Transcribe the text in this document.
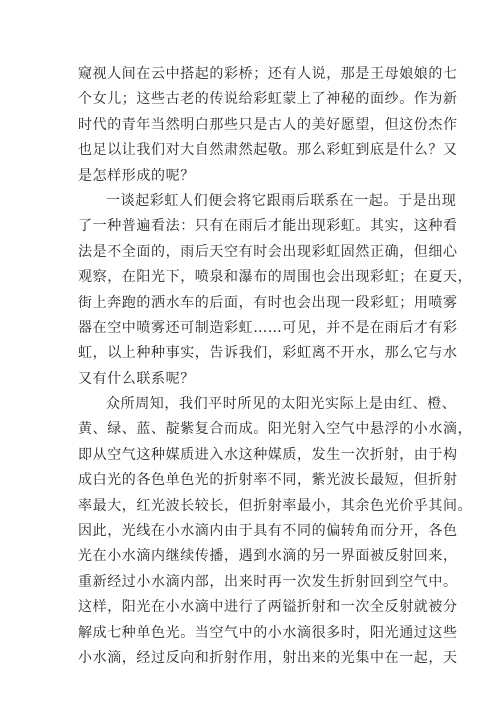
窥视人间在云中搭起的彩桥；还有人说，那是王母娘娘的七
个女儿；这些古老的传说给彩虹蒙上了神秘的面纱。作为新
时代的青年当然明白那些只是古人的美好愿望，但这份杰作
也足以让我们对大自然肃然起敬。那么彩虹到底是什么？又
是怎样形成的呢？
一谈起彩虹人们便会将它跟雨后联系在一起。于是出现
了一种普遍看法：只有在雨后才能出现彩虹。其实，这种看
法是不全面的，雨后天空有时会出现彩虹固然正确，但细心
观察，在阳光下，喷泉和瀑布的周围也会出现彩虹；在夏天，
街上奔跑的洒水车的后面，有时也会出现一段彩虹；用喷雾
器在空中喷雾还可制造彩虹……可见，并不是在雨后才有彩
虹，以上种种事实，告诉我们，彩虹离不开水，那么它与水
又有什么联系呢？
众所周知，我们平时所见的太阳光实际上是由红、橙、
黄、绿、蓝、靛紫复合而成。阳光射入空气中悬浮的小水滴，
即从空气这种媒质进入水这种媒质，发生一次折射，由于构
成白光的各色单色光的折射率不同，紫光波长最短，但折射
率最大，红光波长较长，但折射率最小，其余色光价乎其间。
因此，光线在小水滴内由于具有不同的偏转角而分开，各色
光在小水滴内继续传播，遇到水滴的另一界面被反射回来，
重新经过小水滴内部，出来时再一次发生折射回到空气中。
这样，阳光在小水滴中进行了两镒折射和一次全反射就被分
解成七种单色光。当空气中的小水滴很多时，阳光通过这些
小水滴，经过反向和折射作用，射出来的光集中在一起，天
